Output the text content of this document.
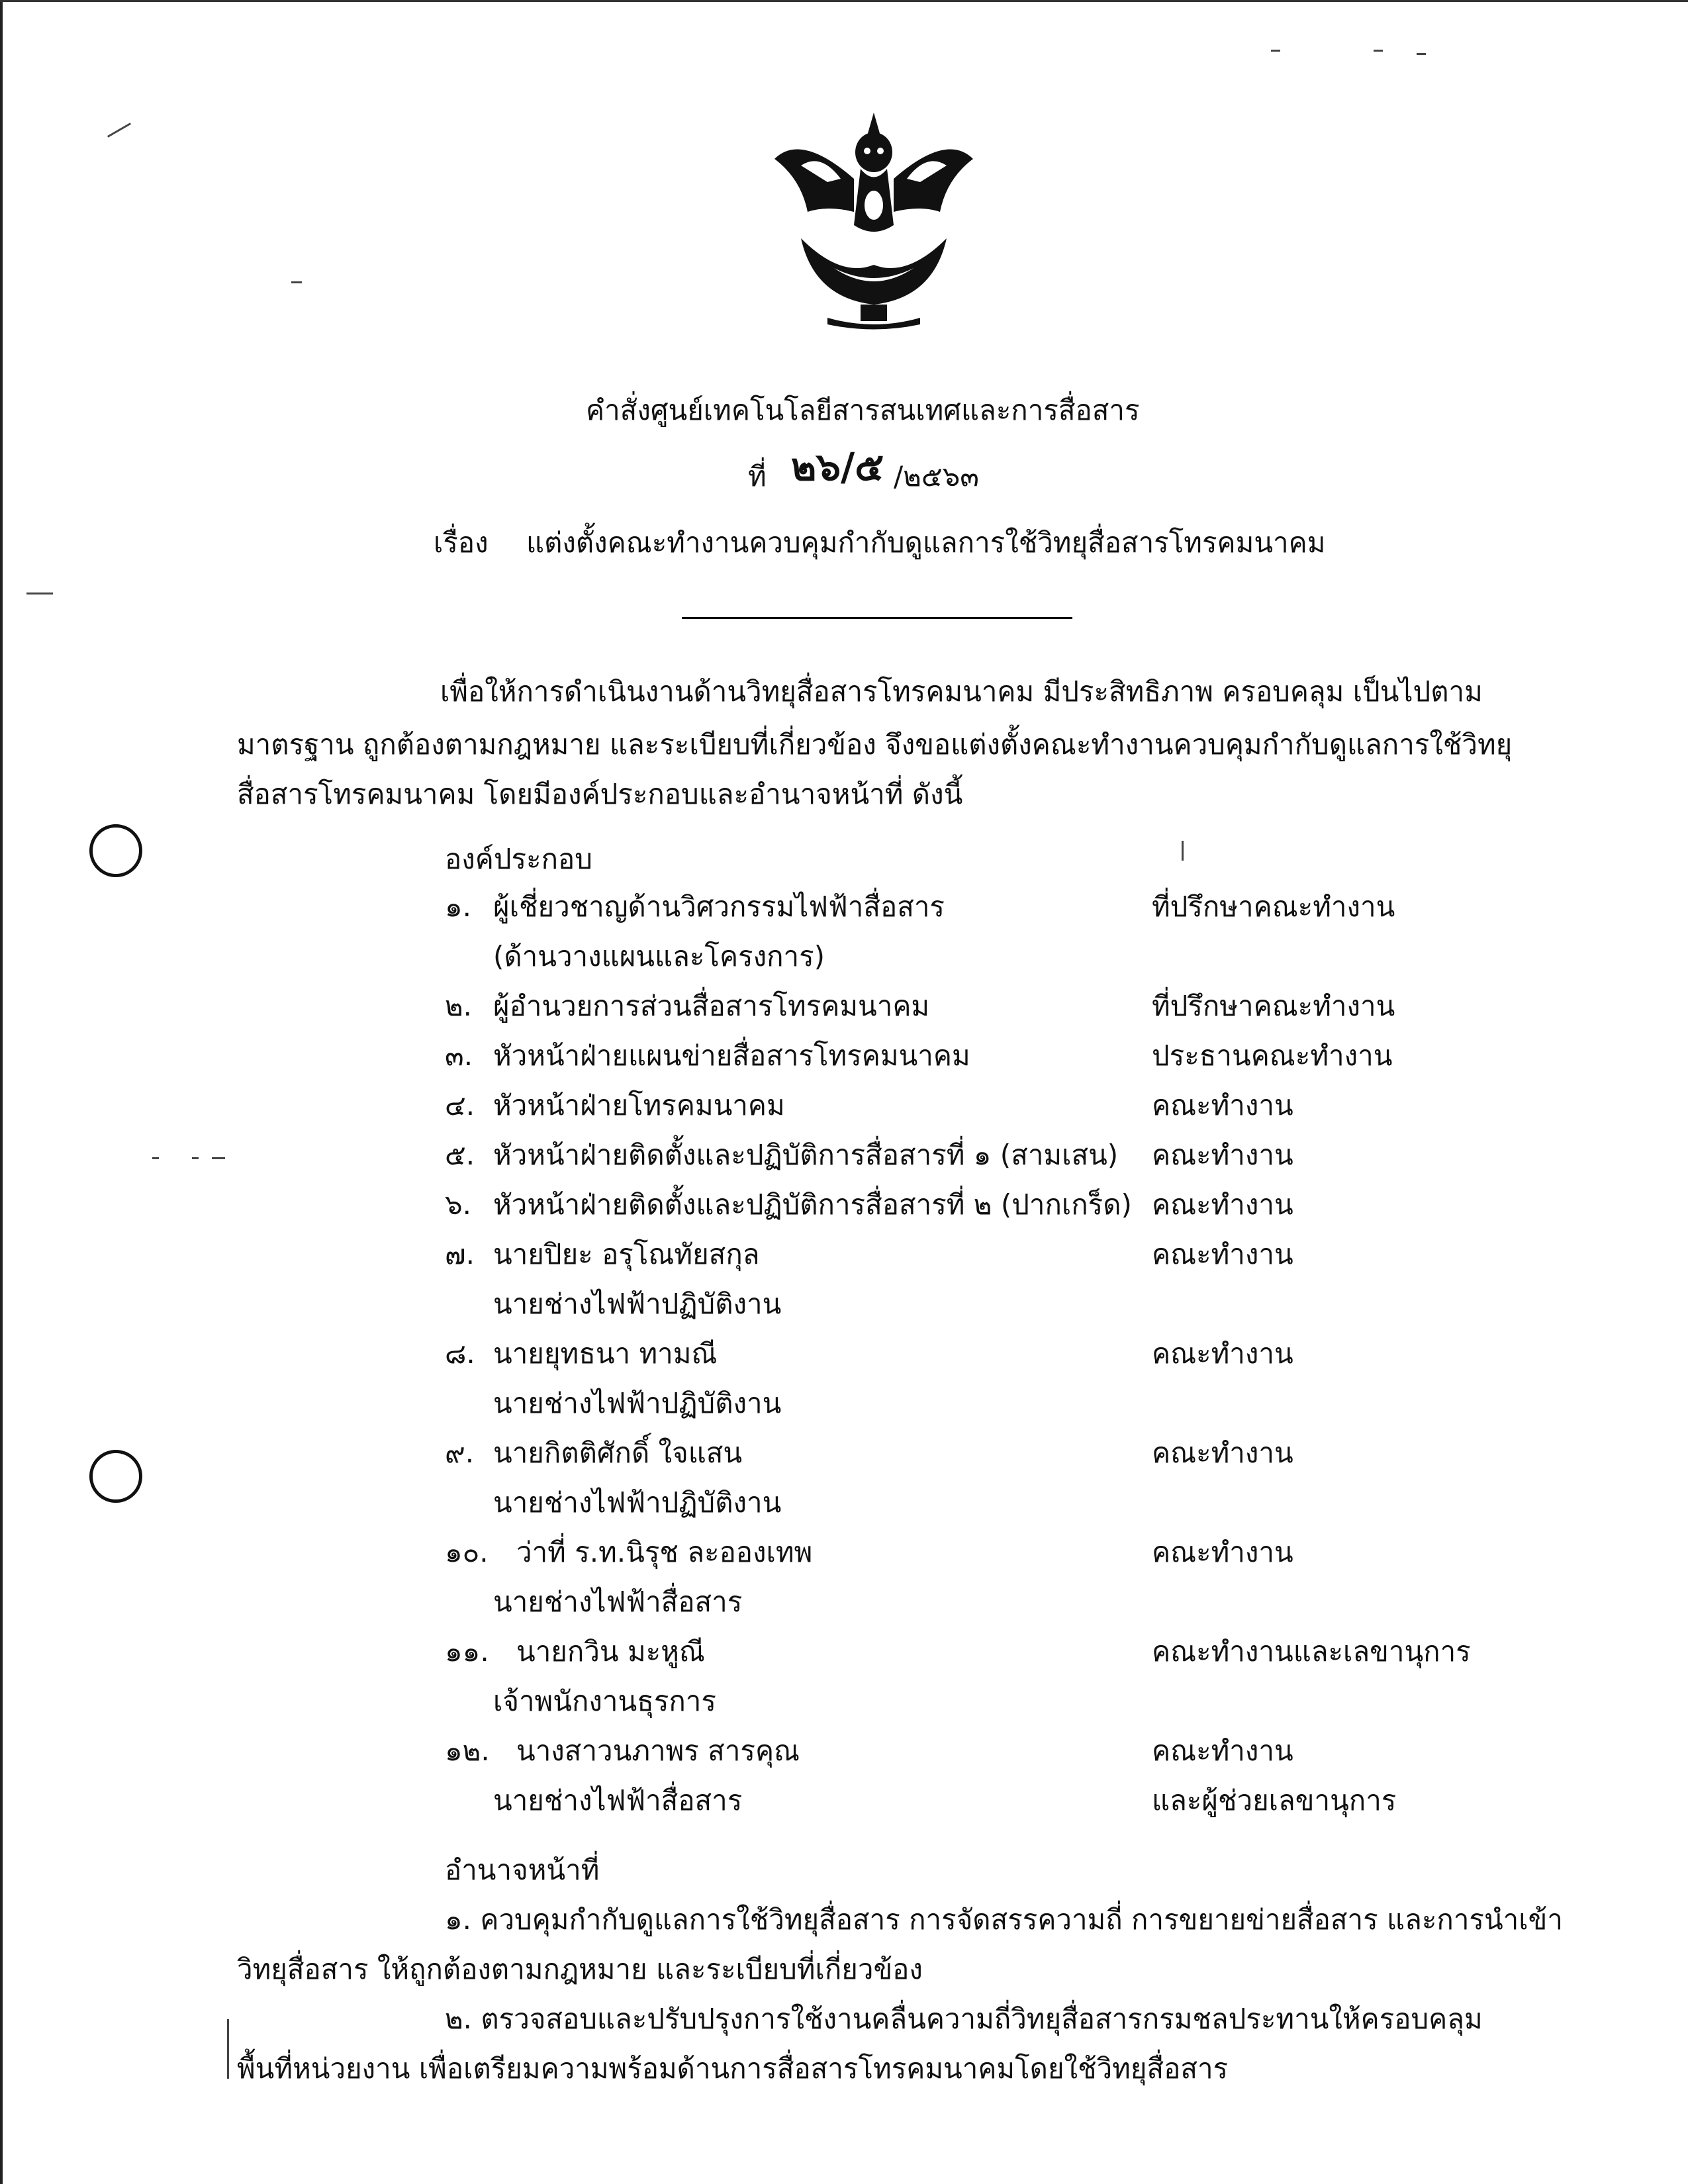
คำสั่งศูนย์เทคโนโลยีสารสนเทศและการสื่อสาร
ที่ ๒๖/๕ /๒๕๖๓
เรื่อง แต่งตั้งคณะทำงานควบคุมกำกับดูแลการใช้วิทยุสื่อสารโทรคมนาคม
เพื่อให้การดำเนินงานด้านวิทยุสื่อสารโทรคมนาคม มีประสิทธิภาพ ครอบคลุม เป็นไปตาม
มาตรฐาน ถูกต้องตามกฎหมาย และระเบียบที่เกี่ยวข้อง จึงขอแต่งตั้งคณะทำงานควบคุมกำกับดูแลการใช้วิทยุ
สื่อสารโทรคมนาคม โดยมีองค์ประกอบและอำนาจหน้าที่ ดังนี้
องค์ประกอบ
๑. ผู้เชี่ยวชาญด้านวิศวกรรมไฟฟ้าสื่อสาร	ที่ปรึกษาคณะทำงาน
(ด้านวางแผนและโครงการ)
๒. ผู้อำนวยการส่วนสื่อสารโทรคมนาคม	ที่ปรึกษาคณะทำงาน
๓. หัวหน้าฝ่ายแผนข่ายสื่อสารโทรคมนาคม	ประธานคณะทำงาน
๔. หัวหน้าฝ่ายโทรคมนาคม	คณะทำงาน
๕. หัวหน้าฝ่ายติดตั้งและปฏิบัติการสื่อสารที่ ๑ (สามเสน) คณะทำงาน
๖. หัวหน้าฝ่ายติดตั้งและปฏิบัติการสื่อสารที่ ๒ (ปากเกร็ด) คณะทำงาน
๗. นายปิยะ อรุโณทัยสกุล	คณะทำงาน
นายช่างไฟฟ้าปฏิบัติงาน
๘. นายยุทธนา ทามณี	คณะทำงาน
นายช่างไฟฟ้าปฏิบัติงาน
๙. นายกิตติศักดิ์ ใจแสน	คณะทำงาน
นายช่างไฟฟ้าปฏิบัติงาน
๑๐. ว่าที่ ร.ท.นิรุช ละอองเทพ	คณะทำงาน
นายช่างไฟฟ้าสื่อสาร
๑๑. นายกวิน มะหูณี	คณะทำงานและเลขานุการ
เจ้าพนักงานธุรการ
๑๒. นางสาวนภาพร สารคุณ	คณะทำงาน
นายช่างไฟฟ้าสื่อสาร	และผู้ช่วยเลขานุการ
อำนาจหน้าที่
๑. ควบคุมกำกับดูแลการใช้วิทยุสื่อสาร การจัดสรรความถี่ การขยายข่ายสื่อสาร และการนำเข้า
วิทยุสื่อสาร ให้ถูกต้องตามกฎหมาย และระเบียบที่เกี่ยวข้อง
๒. ตรวจสอบและปรับปรุงการใช้งานคลื่นความถี่วิทยุสื่อสารกรมชลประทานให้ครอบคลุม
พื้นที่หน่วยงาน เพื่อเตรียมความพร้อมด้านการสื่อสารโทรคมนาคมโดยใช้วิทยุสื่อสาร
